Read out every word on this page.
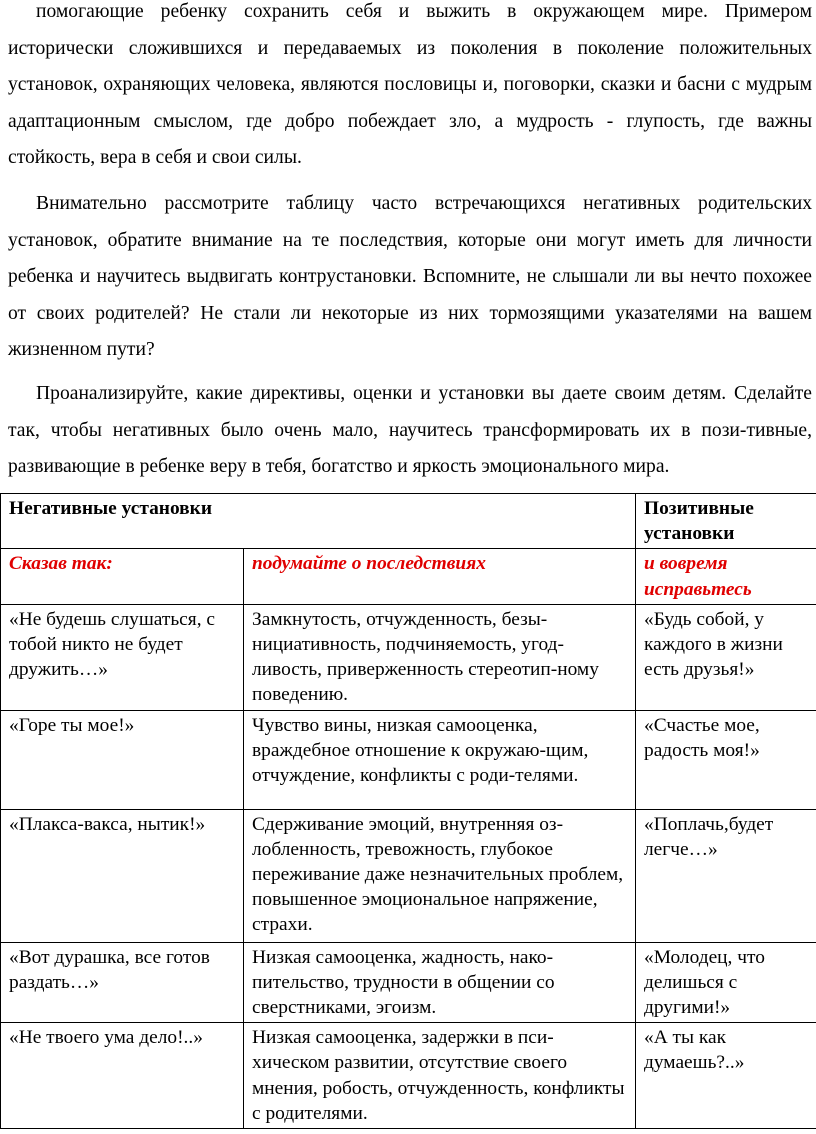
помогающие ребенку сохранить себя и выжить в окружающем мире. Примером исторически сложившихся и передаваемых из поколения в поколение положительных установок, охраняющих человека, являются пословицы и, поговорки, сказки и басни с мудрым адаптационным смыслом, где добро побеждает зло, а мудрость - глупость, где важны стойкость, вера в себя и свои силы.

Внимательно рассмотрите таблицу часто встречающихся негативных родительских установок, обратите внимание на те последствия, которые они могут иметь для личности ребенка и научитесь выдвигать контрустановки. Вспомните, не слышали ли вы нечто похожее от своих родителей? Не стали ли некоторые из них тормозящими указателями на вашем жизненном пути?

Проанализируйте, какие директивы, оценки и установки вы даете своим детям. Сделайте так, чтобы негативных было очень мало, научитесь трансформировать их в пози-тивные, развивающие в ребенке веру в тебя, богатство и яркость эмоционального мира.

Негативные установки		Позитивные установки
Сказав так:	подумайте о последствиях	и вовремя исправьтесь
«Не будешь слушаться, с тобой никто не будет дружить…»	Замкнутость, отчужденность, безы-нициативность, подчиняемость, угод-ливость, приверженность стереотип-ному поведению.	«Будь собой, у каждого в жизни есть друзья!»
«Горе ты мое!»	Чувство вины, низкая самооценка, враждебное отношение к окружаю-щим, отчуждение, конфликты с роди-телями.	«Счастье мое, радость моя!»
«Плакса-вакса, нытик!»	Сдерживание эмоций, внутренняя оз-лобленность, тревожность, глубокое переживание даже незначительных проблем, повышенное эмоциональное напряжение, страхи.	«Поплачь,будет легче…»
«Вот дурашка, все готов раздать…»	Низкая самооценка, жадность, нако-пительство, трудности в общении со сверстниками, эгоизм.	«Молодец, что делишься с другими!»
«Не твоего ума дело!..»	Низкая самооценка, задержки в пси-хическом развитии, отсутствие своего мнения, робость, отчужденность, конфликты с родителями.	«А ты как думаешь?..»
